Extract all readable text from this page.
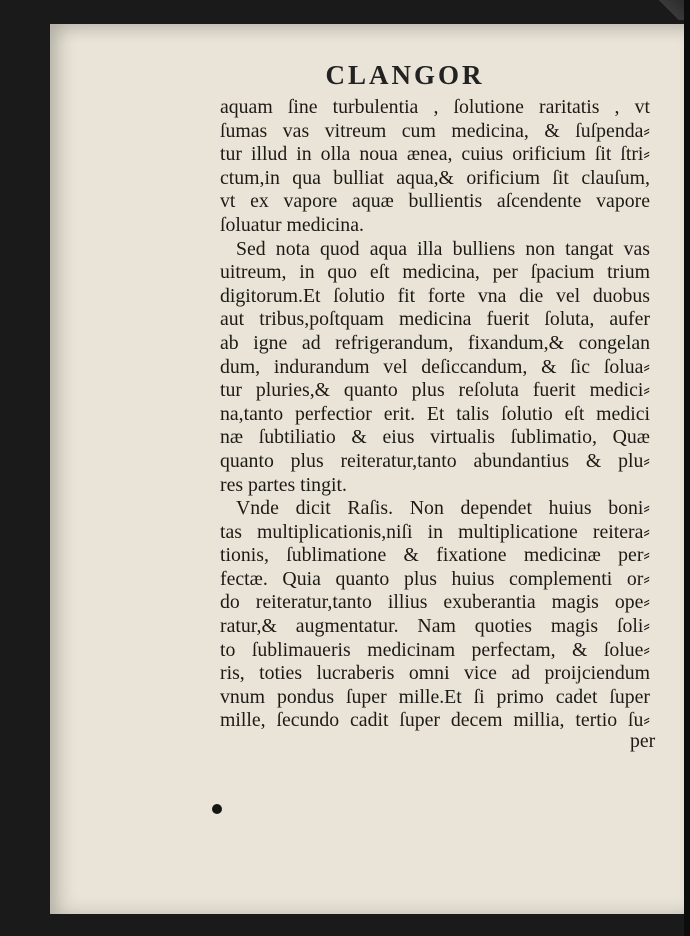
CLANGOR
aquam ſine turbulentia , ſolutione raritatis , vt
ſumas vas vitreum cum medicina, & ſuſpenda⸗
tur illud in olla noua ænea, cuius orificium ſit ſtri⸗
ctum,in qua bulliat aqua,& orificium ſit clauſum,
vt ex vapore aquæ bullientis aſcendente vapore
ſoluatur medicina.
Sed nota quod aqua illa bulliens non tangat vas
uitreum, in quo eſt medicina, per ſpacium trium
digitorum.Et ſolutio fit forte vna die vel duobus
aut tribus,poſtquam medicina fuerit ſoluta, aufer
ab igne ad refrigerandum, fixandum,& congelan
dum, indurandum vel deſiccandum, & ſic ſolua⸗
tur pluries,& quanto plus reſoluta fuerit medici⸗
na,tanto perfectior erit. Et talis ſolutio eſt medici
næ ſubtiliatio & eius virtualis ſublimatio, Quæ
quanto plus reiteratur,tanto abundantius & plu⸗
res partes tingit.
Vnde dicit Raſis. Non dependet huius boni⸗
tas multiplicationis,niſi in multiplicatione reitera⸗
tionis, ſublimatione & fixatione medicinæ per⸗
fectæ. Quia quanto plus huius complementi or⸗
do reiteratur,tanto illius exuberantia magis ope⸗
ratur,& augmentatur. Nam quoties magis ſoli⸗
to ſublimaueris medicinam perfectam, & ſolue⸗
ris, toties lucraberis omni vice ad proijciendum
vnum pondus ſuper mille.Et ſi primo cadet ſuper
mille, ſecundo cadit ſuper decem millia, tertio ſu⸗
per
